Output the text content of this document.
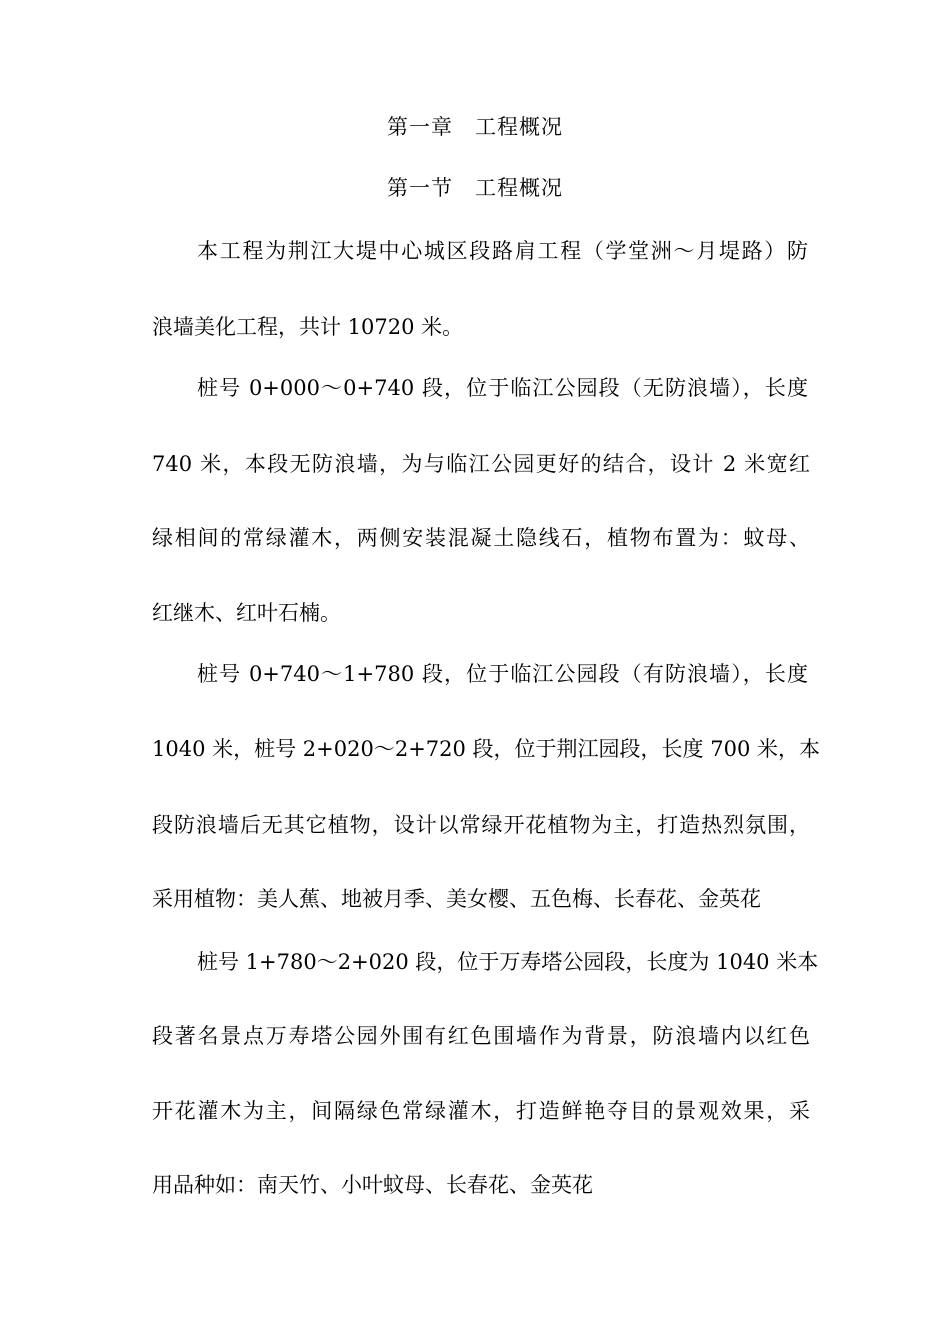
第一章　工程概况
第一节　工程概况
本工程为荆江大堤中心城区段路肩工程（学堂洲～月堤路）防
浪墙美化工程，共计 10720 米。
桩号 0+000～0+740 段，位于临江公园段（无防浪墙），长度
740 米，本段无防浪墙，为与临江公园更好的结合，设计 2 米宽红
绿相间的常绿灌木，两侧安装混凝土隐线石，植物布置为：蚊母、
红继木、红叶石楠。
桩号 0+740～1+780 段，位于临江公园段（有防浪墙），长度
1040 米，桩号 2+020～2+720 段，位于荆江园段，长度 700 米，本
段防浪墙后无其它植物，设计以常绿开花植物为主，打造热烈氛围，
采用植物：美人蕉、地被月季、美女樱、五色梅、长春花、金英花
桩号 1+780～2+020 段，位于万寿塔公园段，长度为 1040 米本
段著名景点万寿塔公园外围有红色围墙作为背景，防浪墙内以红色
开花灌木为主，间隔绿色常绿灌木，打造鲜艳夺目的景观效果，采
用品种如：南天竹、小叶蚊母、长春花、金英花
